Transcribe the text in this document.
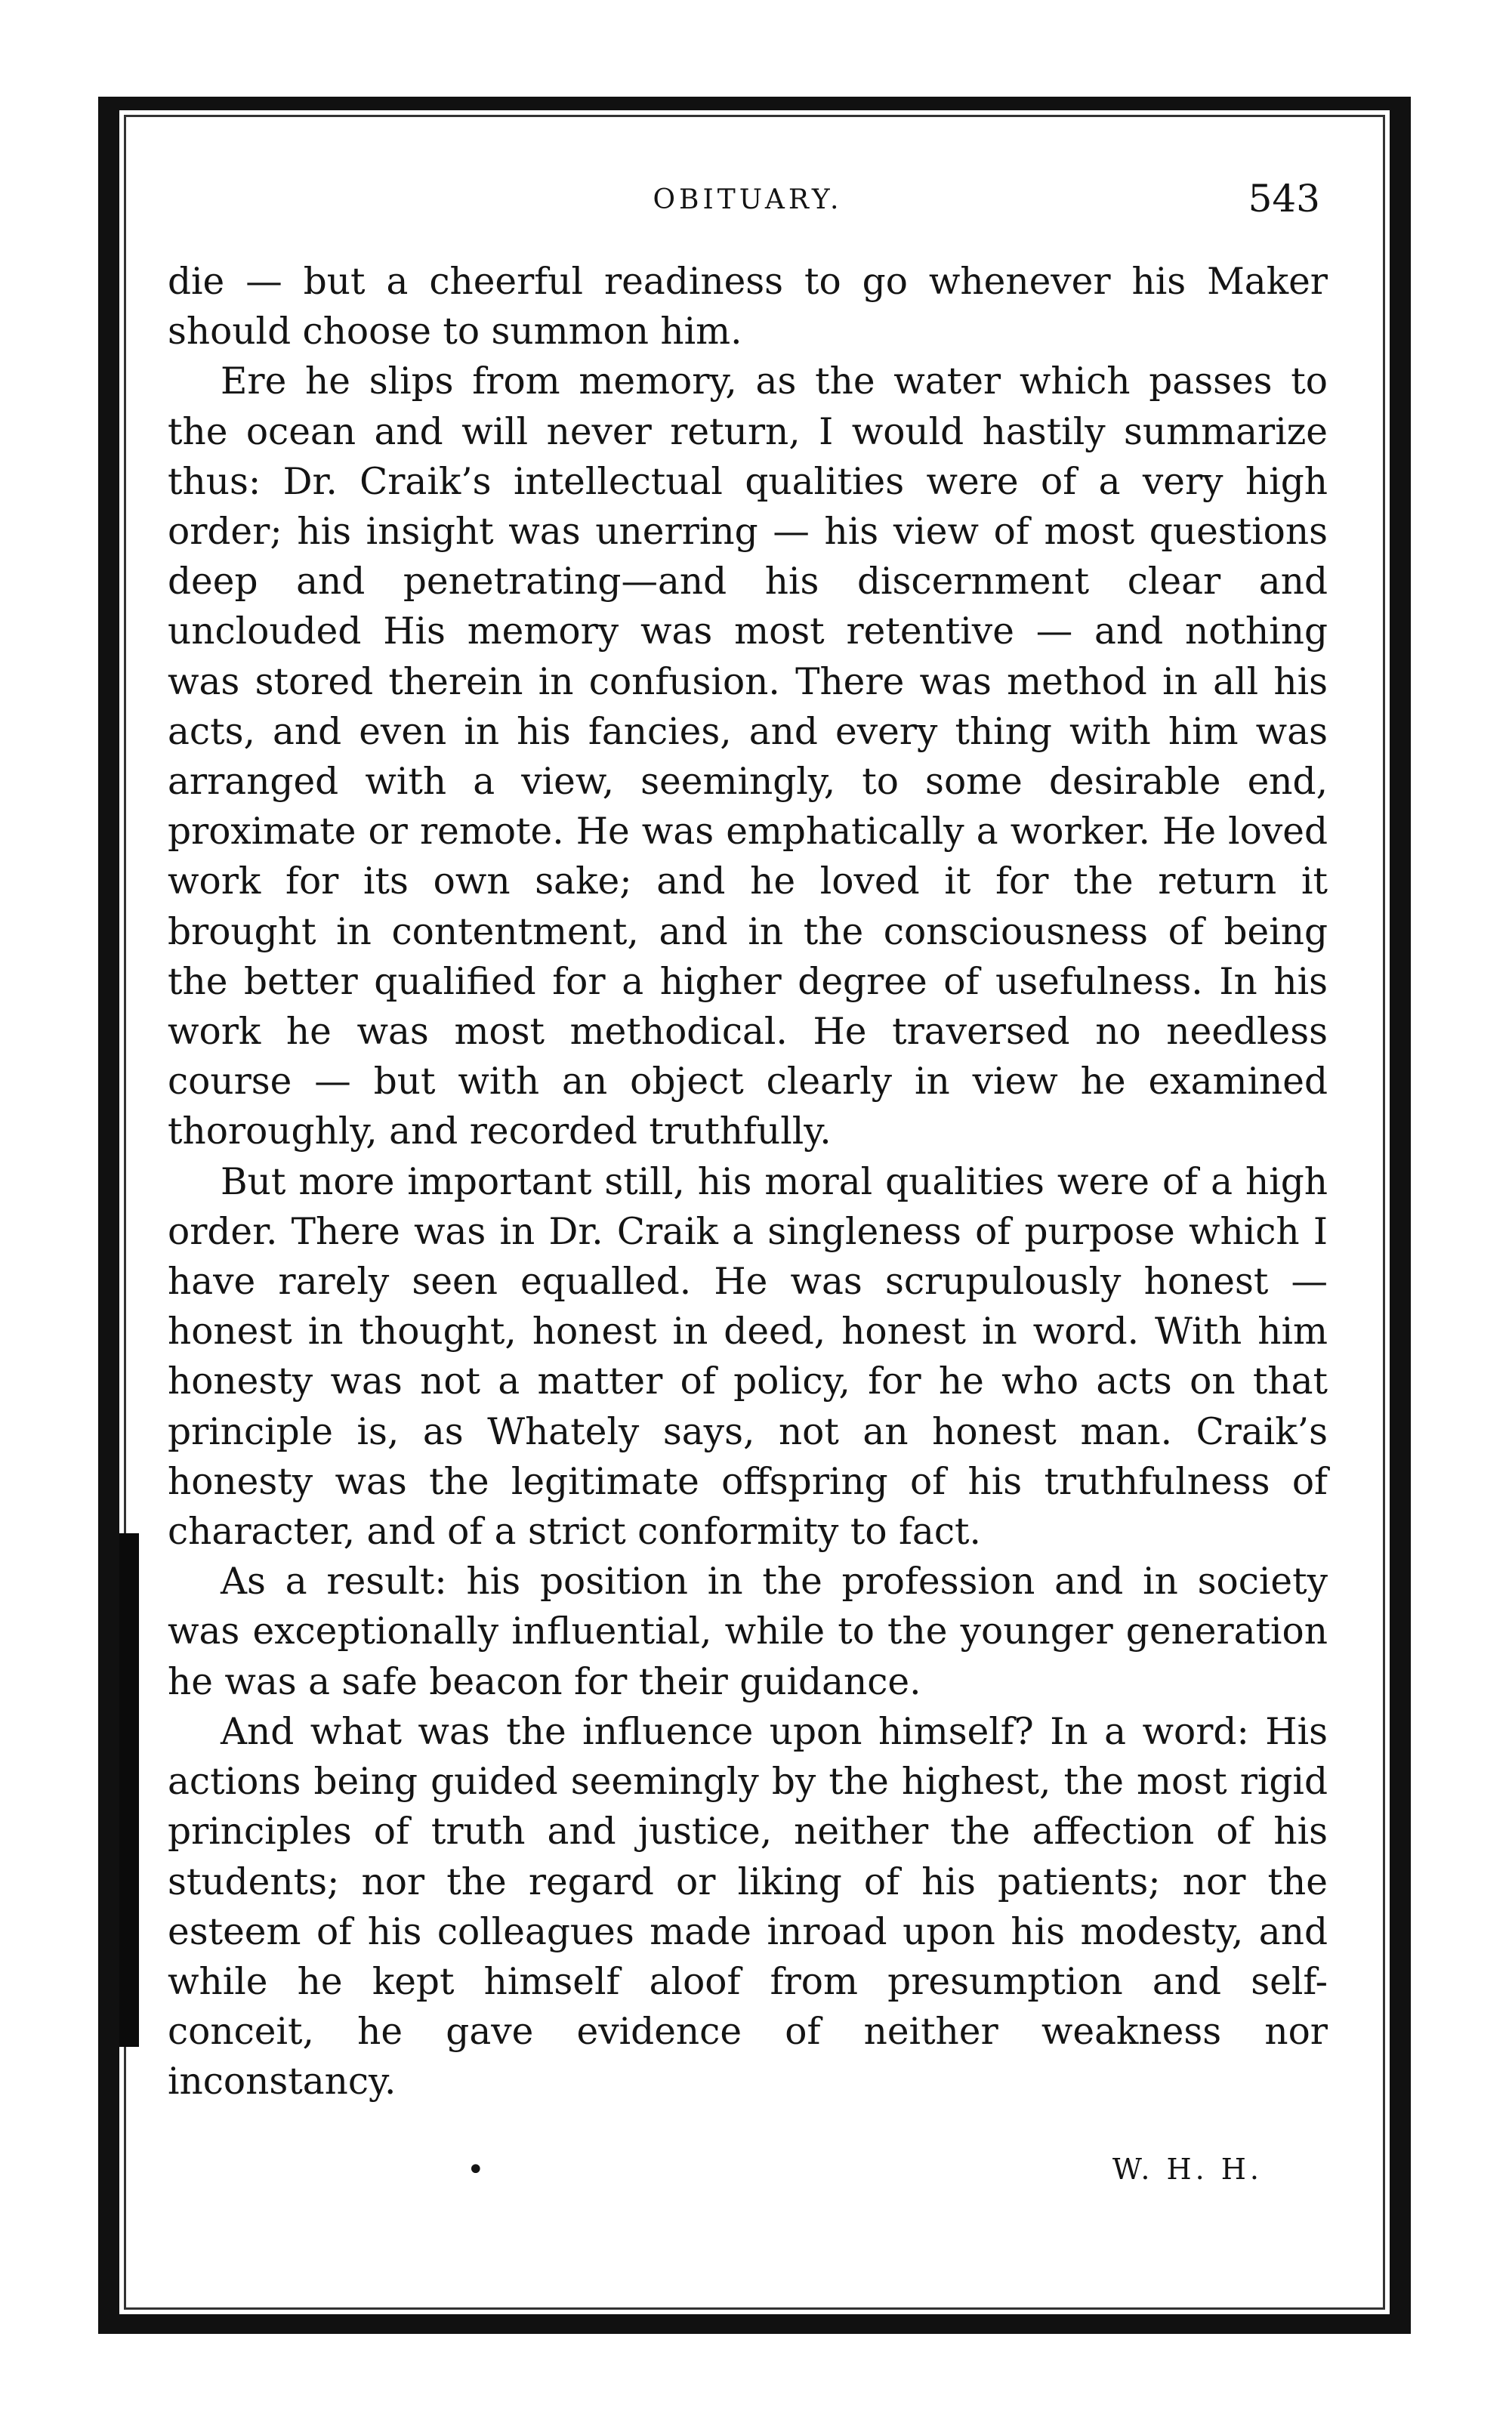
OBITUARY.	543

die — but a cheerful readiness to go whenever his Maker should choose to summon him.

Ere he slips from memory, as the water which passes to the ocean and will never return, I would hastily summarize thus: Dr. Craik’s intellectual qualities were of a very high order; his insight was unerring — his view of most questions deep and penetrating—and his discernment clear and unclouded His memory was most retentive — and nothing was stored therein in confusion. There was method in all his acts, and even in his fancies, and every thing with him was arranged with a view, seemingly, to some desirable end, proximate or remote. He was emphatically a worker. He loved work for its own sake; and he loved it for the return it brought in contentment, and in the consciousness of being the better qualified for a higher degree of usefulness. In his work he was most methodical. He traversed no needless course — but with an object clearly in view he examined thoroughly, and recorded truthfully.

But more important still, his moral qualities were of a high order. There was in Dr. Craik a singleness of purpose which I have rarely seen equalled. He was scrupulously honest — honest in thought, honest in deed, honest in word. With him honesty was not a matter of policy, for he who acts on that principle is, as Whately says, not an honest man. Craik’s honesty was the legitimate offspring of his truthfulness of character, and of a strict conformity to fact.

As a result: his position in the profession and in society was exceptionally influential, while to the younger generation he was a safe beacon for their guidance.

And what was the influence upon himself? In a word: His actions being guided seemingly by the highest, the most rigid principles of truth and justice, neither the affection of his students; nor the regard or liking of his patients; nor the esteem of his colleagues made inroad upon his modesty, and while he kept himself aloof from presumption and self-conceit, he gave evidence of neither weakness nor inconstancy.

•	W. H. H.
